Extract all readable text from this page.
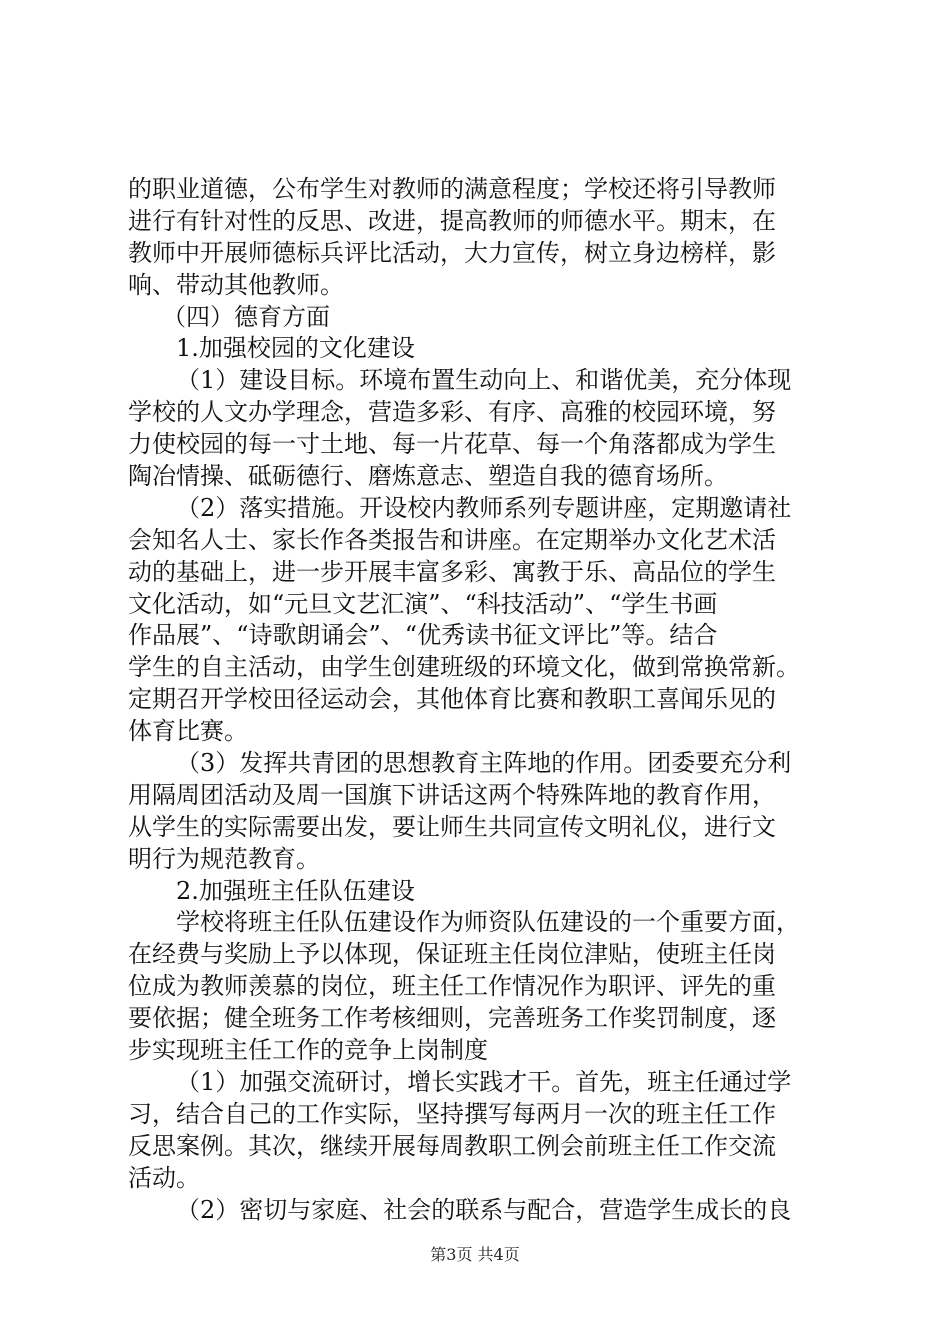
的职业道德，公布学生对教师的满意程度；学校还将引导教师
进行有针对性的反思、改进，提高教师的师德水平。期末，在
教师中开展师德标兵评比活动，大力宣传，树立身边榜样，影
响、带动其他教师。
（四）德育方面
1.加强校园的文化建设
（1）建设目标。环境布置生动向上、和谐优美，充分体现
学校的人文办学理念，营造多彩、有序、高雅的校园环境，努
力使校园的每一寸土地、每一片花草、每一个角落都成为学生
陶冶情操、砥砺德行、磨炼意志、塑造自我的德育场所。
（2）落实措施。开设校内教师系列专题讲座，定期邀请社
会知名人士、家长作各类报告和讲座。在定期举办文化艺术活
动的基础上，进一步开展丰富多彩、寓教于乐、高品位的学生
文化活动，如“元旦文艺汇演”、“科技活动”、“学生书画
作品展”、“诗歌朗诵会”、“优秀读书征文评比”等。结合
学生的自主活动，由学生创建班级的环境文化，做到常换常新。
定期召开学校田径运动会，其他体育比赛和教职工喜闻乐见的
体育比赛。
（3）发挥共青团的思想教育主阵地的作用。团委要充分利
用隔周团活动及周一国旗下讲话这两个特殊阵地的教育作用，
从学生的实际需要出发，要让师生共同宣传文明礼仪，进行文
明行为规范教育。
2.加强班主任队伍建设
学校将班主任队伍建设作为师资队伍建设的一个重要方面，
在经费与奖励上予以体现，保证班主任岗位津贴，使班主任岗
位成为教师羡慕的岗位，班主任工作情况作为职评、评先的重
要依据；健全班务工作考核细则，完善班务工作奖罚制度，逐
步实现班主任工作的竞争上岗制度
（1）加强交流研讨，增长实践才干。首先，班主任通过学
习，结合自己的工作实际，坚持撰写每两月一次的班主任工作
反思案例。其次，继续开展每周教职工例会前班主任工作交流
活动。
（2）密切与家庭、社会的联系与配合，营造学生成长的良
第3页 共4页
